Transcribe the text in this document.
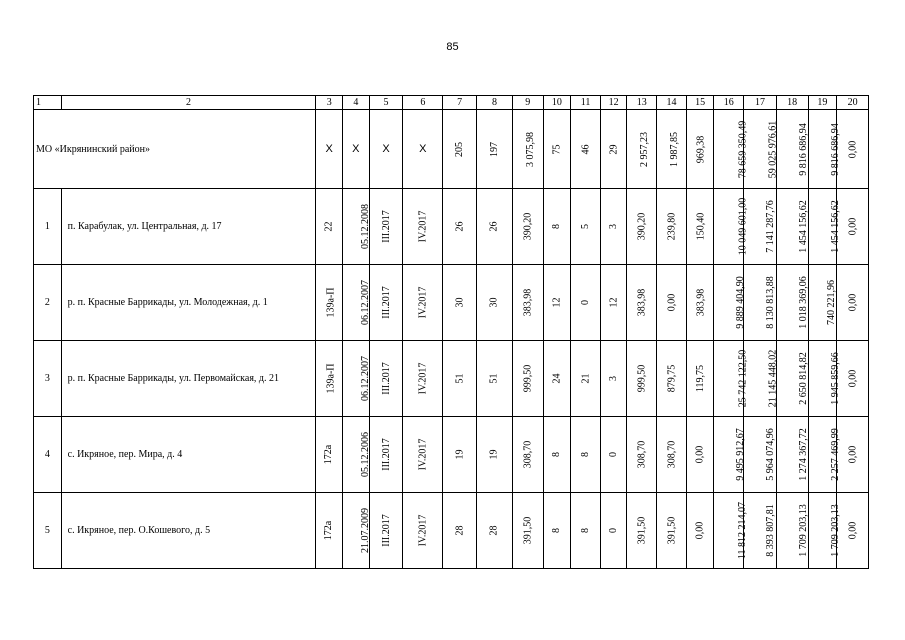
85
1	2	3	4	5	6	7	8	9	10	11	12	13	14	15	16	17	18	19	20
МО «Икрянинский район»		Х	Х	Х	Х	205	197	3 075,98	75	46	29	2 957,23	1 987,85	969,38	78 659 350,49	59 025 976,61	9 816 686,94	9 816 686,94	0,00
1	п. Карабулак, ул. Центральная, д. 17	22	05.12.2008	III.2017	IV.2017	26	26	390,20	8	5	3	390,20	239,80	150,40	10 049 601,00	7 141 287,76	1 454 156,62	1 454 156,62	0,00
2	р. п. Красные Баррикады, ул. Молодежная, д. 1	139а-П	06.12.2007	III.2017	IV.2017	30	30	383,98	12	0	12	383,98	0,00	383,98	9 889 404,90	8 130 813,88	1 018 369,06	740 221,96	0,00
3	р. п. Красные Баррикады, ул. Первомайская, д. 21	139а-П	06.12.2007	III.2017	IV.2017	51	51	999,50	24	21	3	999,50	879,75	119,75	25 742 122,50	21 145 448,02	2 650 814,82	1 945 859,66	0,00
4	с. Икряное, пер. Мира, д. 4	172а	05.12.2006	III.2017	IV.2017	19	19	308,70	8	8	0	308,70	308,70	0,00	9 495 912,67	5 964 074,96	1 274 367,72	2 257 469,99	0,00
5	с. Икряное, пер. О.Кошевого, д. 5	172а	21.07.2009	III.2017	IV.2017	28	28	391,50	8	8	0	391,50	391,50	0,00	11 812 214,07	8 393 807,81	1 709 203,13	1 709 203,13	0,00
